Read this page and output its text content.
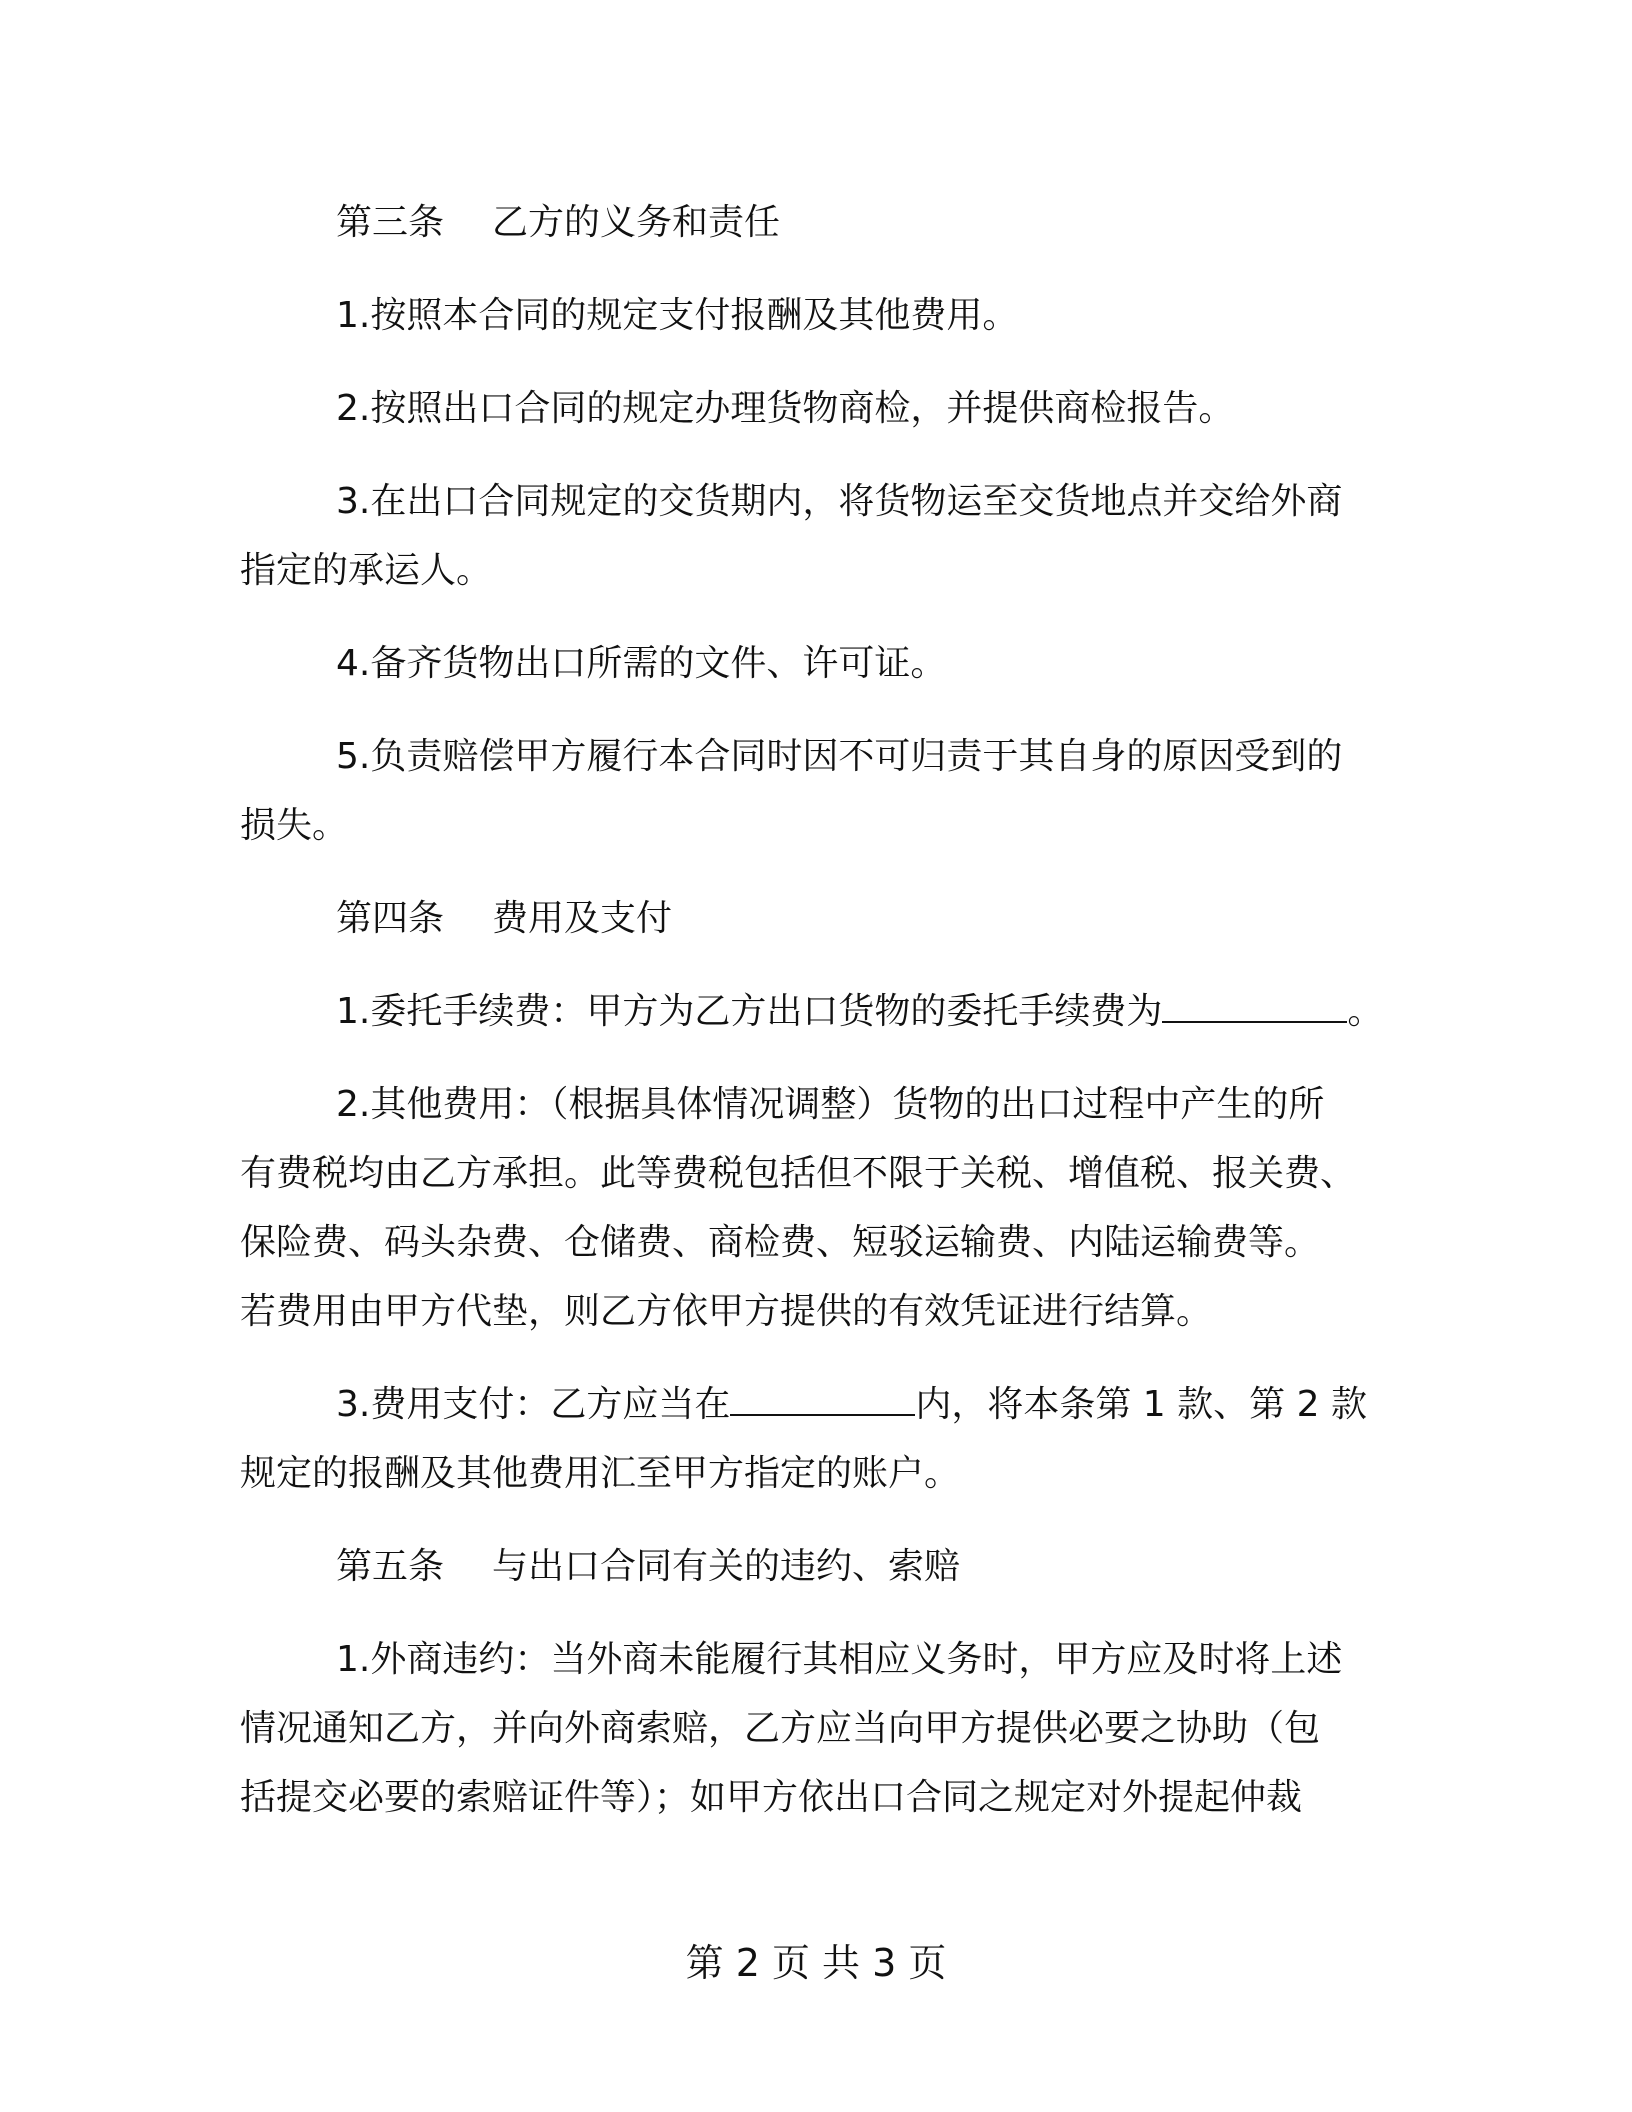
第三条 乙方的义务和责任

1.按照本合同的规定支付报酬及其他费用。

2.按照出口合同的规定办理货物商检，并提供商检报告。

3.在出口合同规定的交货期内，将货物运至交货地点并交给外商
指定的承运人。

4.备齐货物出口所需的文件、许可证。

5.负责赔偿甲方履行本合同时因不可归责于其自身的原因受到的
损失。

第四条 费用及支付

1.委托手续费：甲方为乙方出口货物的委托手续费为	。

2.其他费用：（根据具体情况调整）货物的出口过程中产生的所
有费税均由乙方承担。此等费税包括但不限于关税、增值税、报关费、
保险费、码头杂费、仓储费、商检费、短驳运输费、内陆运输费等。
若费用由甲方代垫，则乙方依甲方提供的有效凭证进行结算。

3.费用支付：乙方应当在	内，将本条第 1 款、第 2 款
规定的报酬及其他费用汇至甲方指定的账户。

第五条 与出口合同有关的违约、索赔

1.外商违约：当外商未能履行其相应义务时，甲方应及时将上述
情况通知乙方，并向外商索赔，乙方应当向甲方提供必要之协助（包
括提交必要的索赔证件等）；如甲方依出口合同之规定对外提起仲裁

第 2 页 共 3 页
